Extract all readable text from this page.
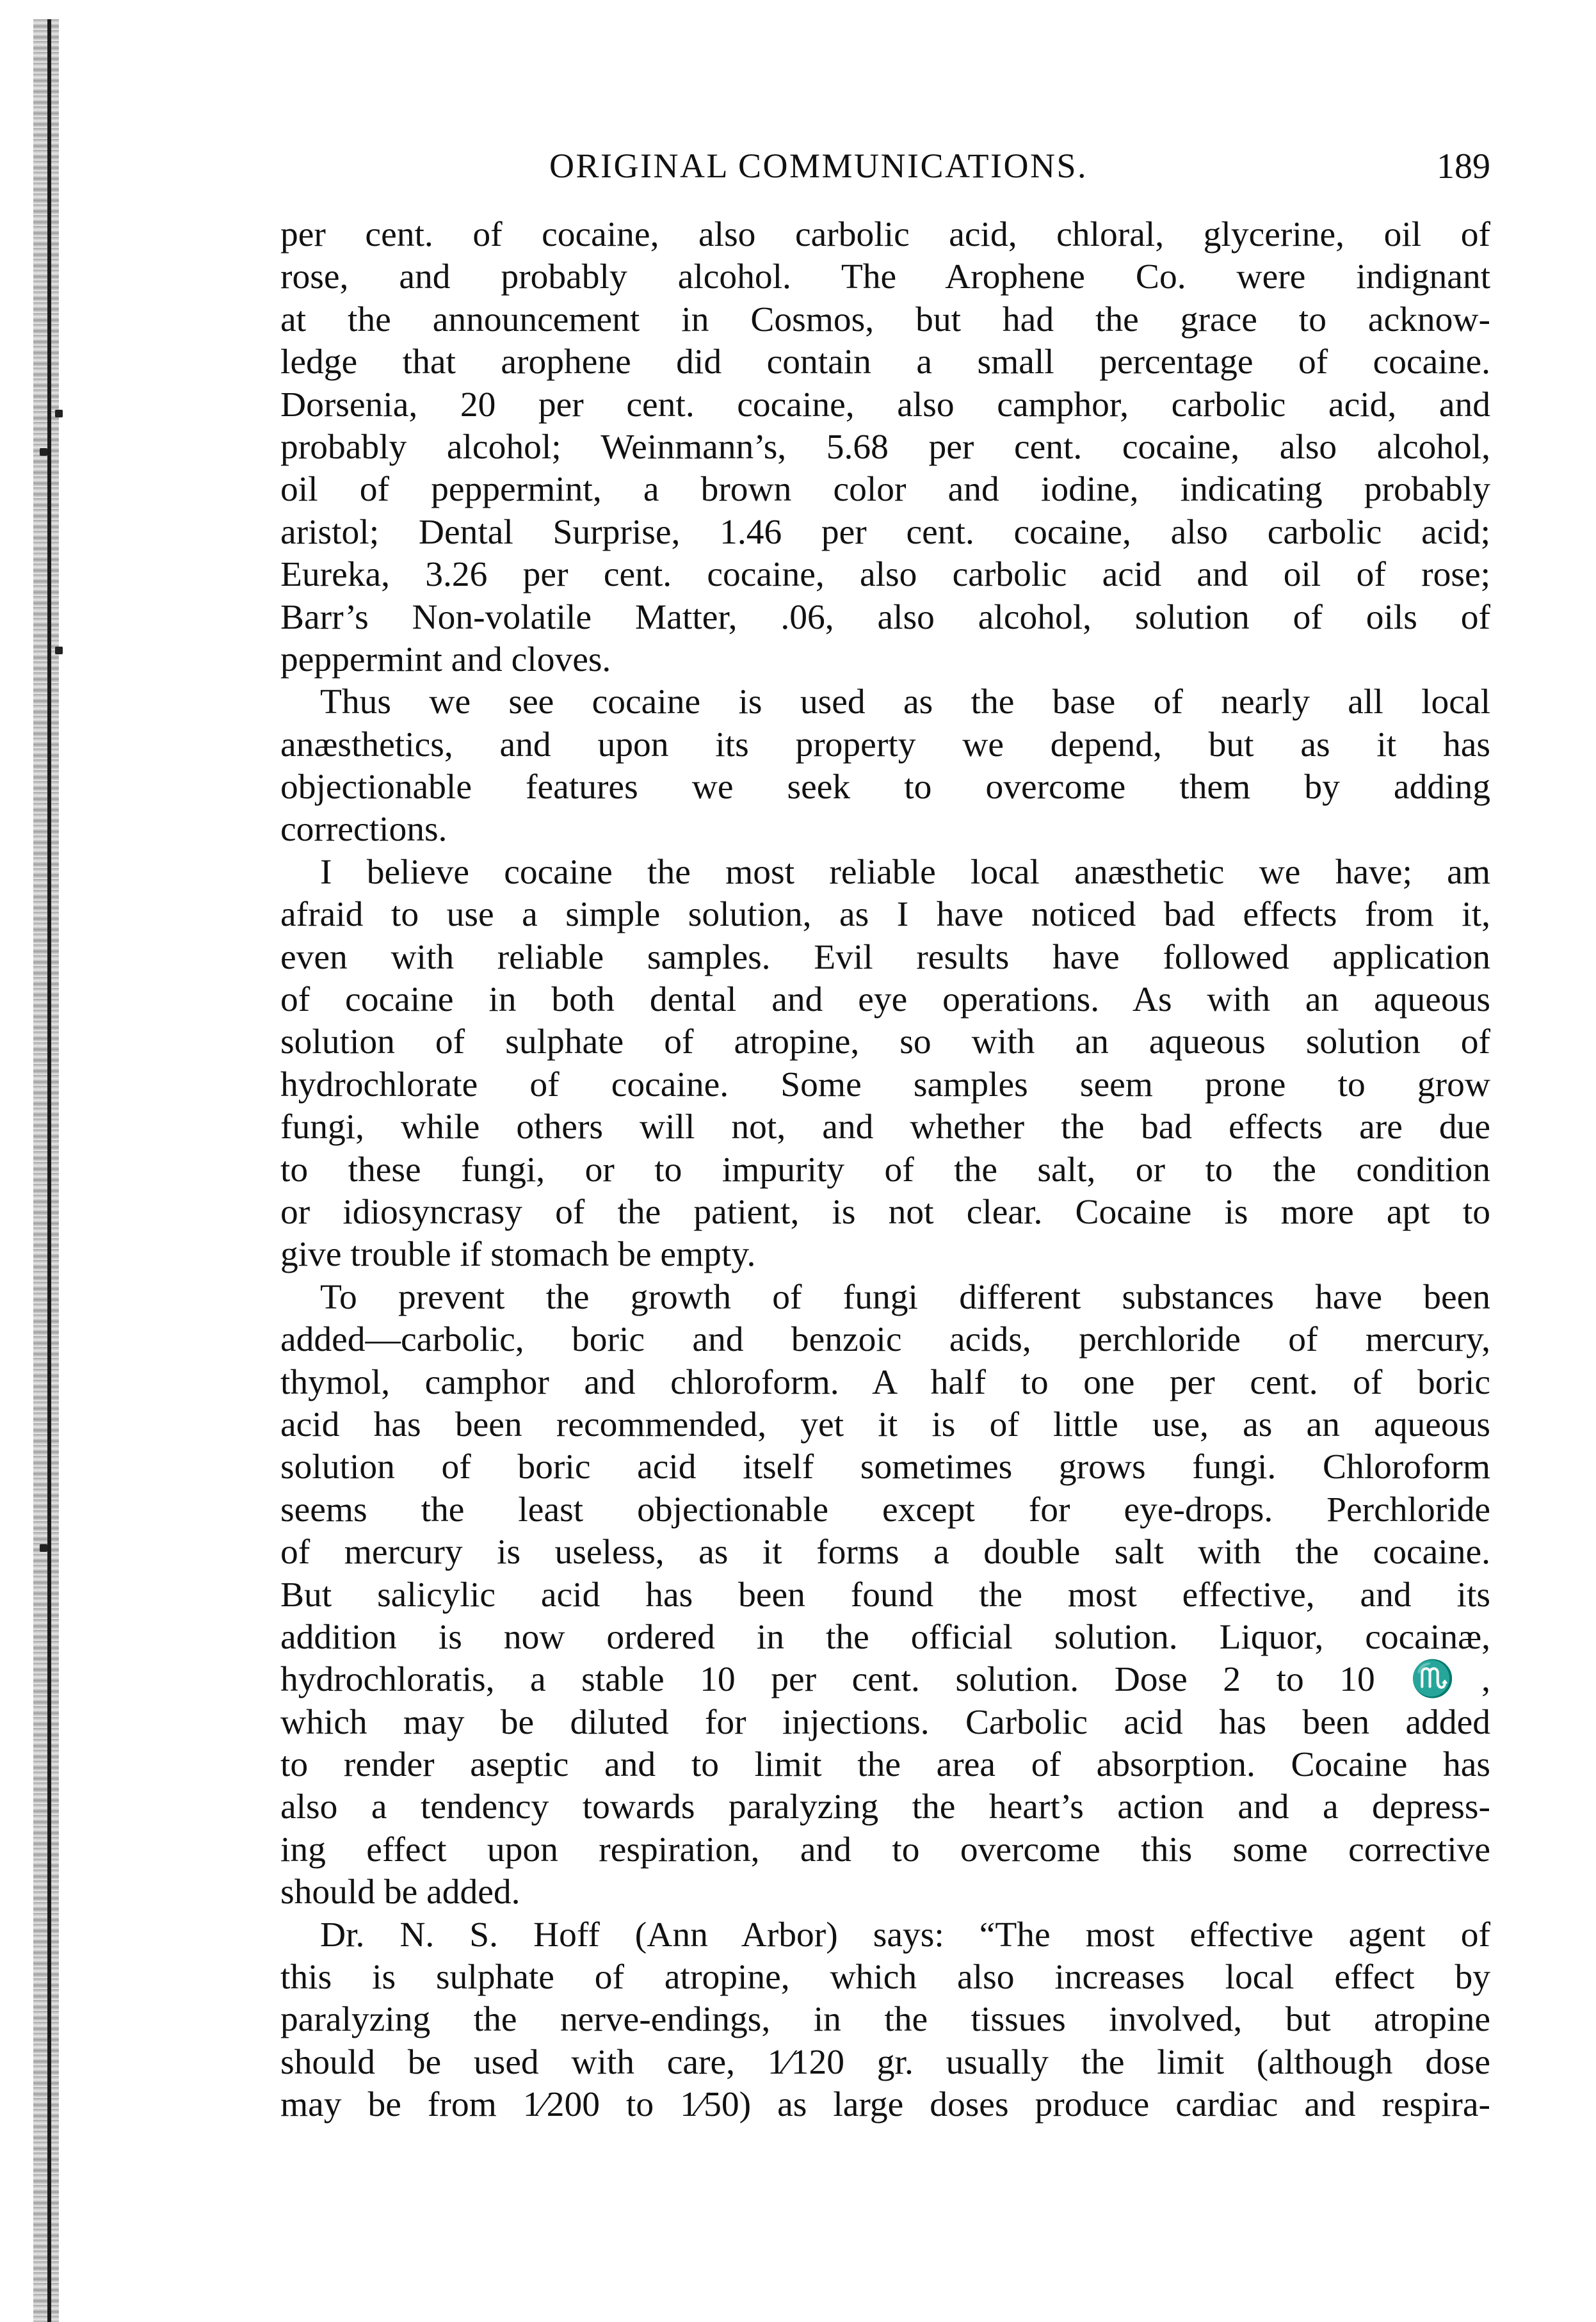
ORIGINAL COMMUNICATIONS.	189
per cent. of cocaine, also carbolic acid, chloral, glycerine, oil of
rose, and probably alcohol. The Arophene Co. were indignant
at the announcement in Cosmos, but had the grace to acknow-
ledge that arophene did contain a small percentage of cocaine.
Dorsenia, 20 per cent. cocaine, also camphor, carbolic acid, and
probably alcohol; Weinmann’s, 5.68 per cent. cocaine, also alcohol,
oil of peppermint, a brown color and iodine, indicating probably
aristol; Dental Surprise, 1.46 per cent. cocaine, also carbolic acid;
Eureka, 3.26 per cent. cocaine, also carbolic acid and oil of rose;
Barr’s Non-volatile Matter, .06, also alcohol, solution of oils of
peppermint and cloves.
Thus we see cocaine is used as the base of nearly all local
anæsthetics, and upon its property we depend, but as it has
objectionable features we seek to overcome them by adding
corrections.
I believe cocaine the most reliable local anæsthetic we have; am
afraid to use a simple solution, as I have noticed bad effects from it,
even with reliable samples. Evil results have followed application
of cocaine in both dental and eye operations. As with an aqueous
solution of sulphate of atropine, so with an aqueous solution of
hydrochlorate of cocaine. Some samples seem prone to grow
fungi, while others will not, and whether the bad effects are due
to these fungi, or to impurity of the salt, or to the condition
or idiosyncrasy of the patient, is not clear. Cocaine is more apt to
give trouble if stomach be empty.
To prevent the growth of fungi different substances have been
added—carbolic, boric and benzoic acids, perchloride of mercury,
thymol, camphor and chloroform. A half to one per cent. of boric
acid has been recommended, yet it is of little use, as an aqueous
solution of boric acid itself sometimes grows fungi. Chloroform
seems the least objectionable except for eye-drops. Perchloride
of mercury is useless, as it forms a double salt with the cocaine.
But salicylic acid has been found the most effective, and its
addition is now ordered in the official solution. Liquor, cocainæ,
hydrochloratis, a stable 10 per cent. solution. Dose 2 to 10 ♏,
which may be diluted for injections. Carbolic acid has been added
to render aseptic and to limit the area of absorption. Cocaine has
also a tendency towards paralyzing the heart’s action and a depress-
ing effect upon respiration, and to overcome this some corrective
should be added.
Dr. N. S. Hoff (Ann Arbor) says: “The most effective agent of
this is sulphate of atropine, which also increases local effect by
paralyzing the nerve-endings, in the tissues involved, but atropine
should be used with care, 1⁄120 gr. usually the limit (although dose
may be from 1⁄200 to 1⁄50) as large doses produce cardiac and respira-
